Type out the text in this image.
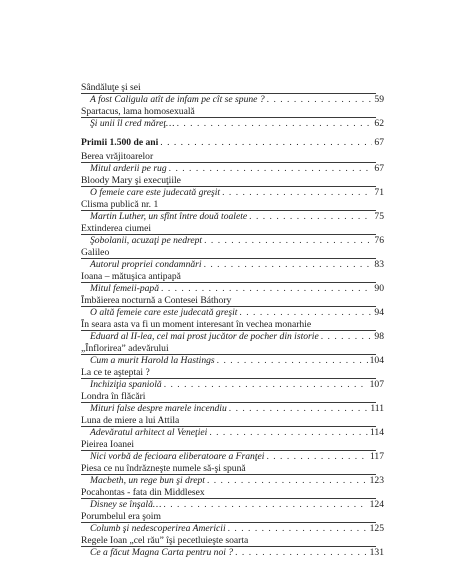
Sândăluţe şi sei
A fost Caligula atît de infam pe cît se spune ? . . .	59
Spartacus, lama homosexuală
Şi unii îl cred măreţ… . . .	62
Primii 1.500 de ani . . .	67
Berea vrăjitoarelor
Mitul arderii pe rug . . .	67
Bloody Mary şi execuţiile
O femeie care este judecată greşit . . .	71
Clisma publică nr. 1
Martin Luther, un sfînt între două toalete . . .	75
Extinderea ciumei
Şobolanii, acuzaţi pe nedrept . . .	76
Galileo
Autorul propriei condamnări . . .	83
Ioana – mătuşica antipapă
Mitul femeii-papă . . .	90
Îmbăierea nocturnă a Contesei Báthory
O altă femeie care este judecată greşit . . .	94
În seara asta va fi un moment interesant în vechea monarhie
Eduard al II-lea, cel mai prost jucător de pocher din istorie . . .	98
„Înflorirea” adevărului
Cum a murit Harold la Hastings . . .	104
La ce te aşteptai ?
Inchiziţia spaniolă . . .	107
Londra în flăcări
Mituri false despre marele incendiu . . .	111
Luna de miere a lui Attila
Adevăratul arhitect al Veneţiei . . .	114
Pieirea Ioanei
Nici vorbă de fecioara eliberatoare a Franţei . . .	117
Piesa ce nu îndrăzneşte numele să-şi spună
Macbeth, un rege bun şi drept . . .	123
Pocahontas - fata din Middlesex
Disney se înşală… . . .	124
Porumbelul era şoim
Columb şi nedescoperirea Americii . . .	125
Regele Ioan „cel rău” îşi pecetluieşte soarta
Ce a făcut Magna Carta pentru noi ? . . .	131
